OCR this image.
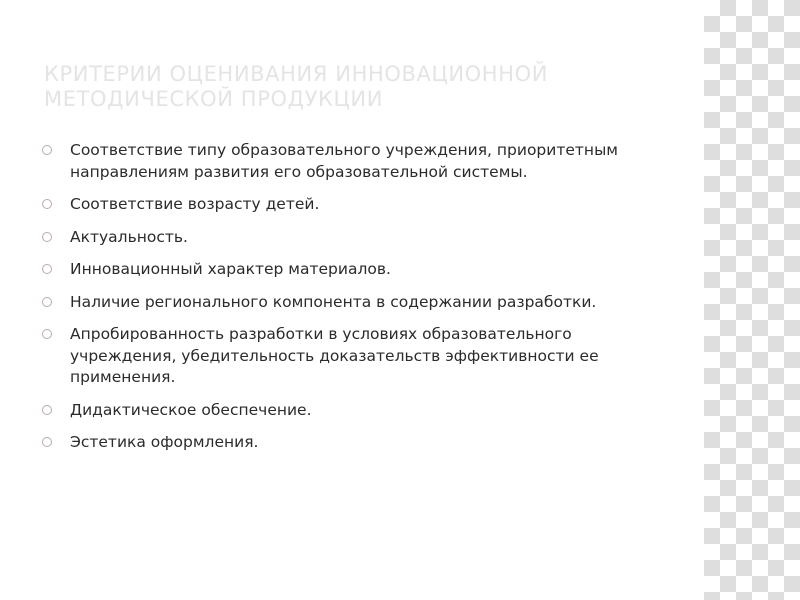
КРИТЕРИИ ОЦЕНИВАНИЯ ИННОВАЦИОННОЙ МЕТОДИЧЕСКОЙ ПРОДУКЦИИ
Соответствие типу образовательного учреждения, приоритетным направлениям развития его образовательной системы.
Соответствие возрасту детей.
Актуальность.
Инновационный характер материалов.
Наличие регионального компонента в содержании разработки.
Апробированность разработки в условиях образовательного учреждения, убедительность доказательств эффективности ее применения.
Дидактическое обеспечение.
Эстетика оформления.
